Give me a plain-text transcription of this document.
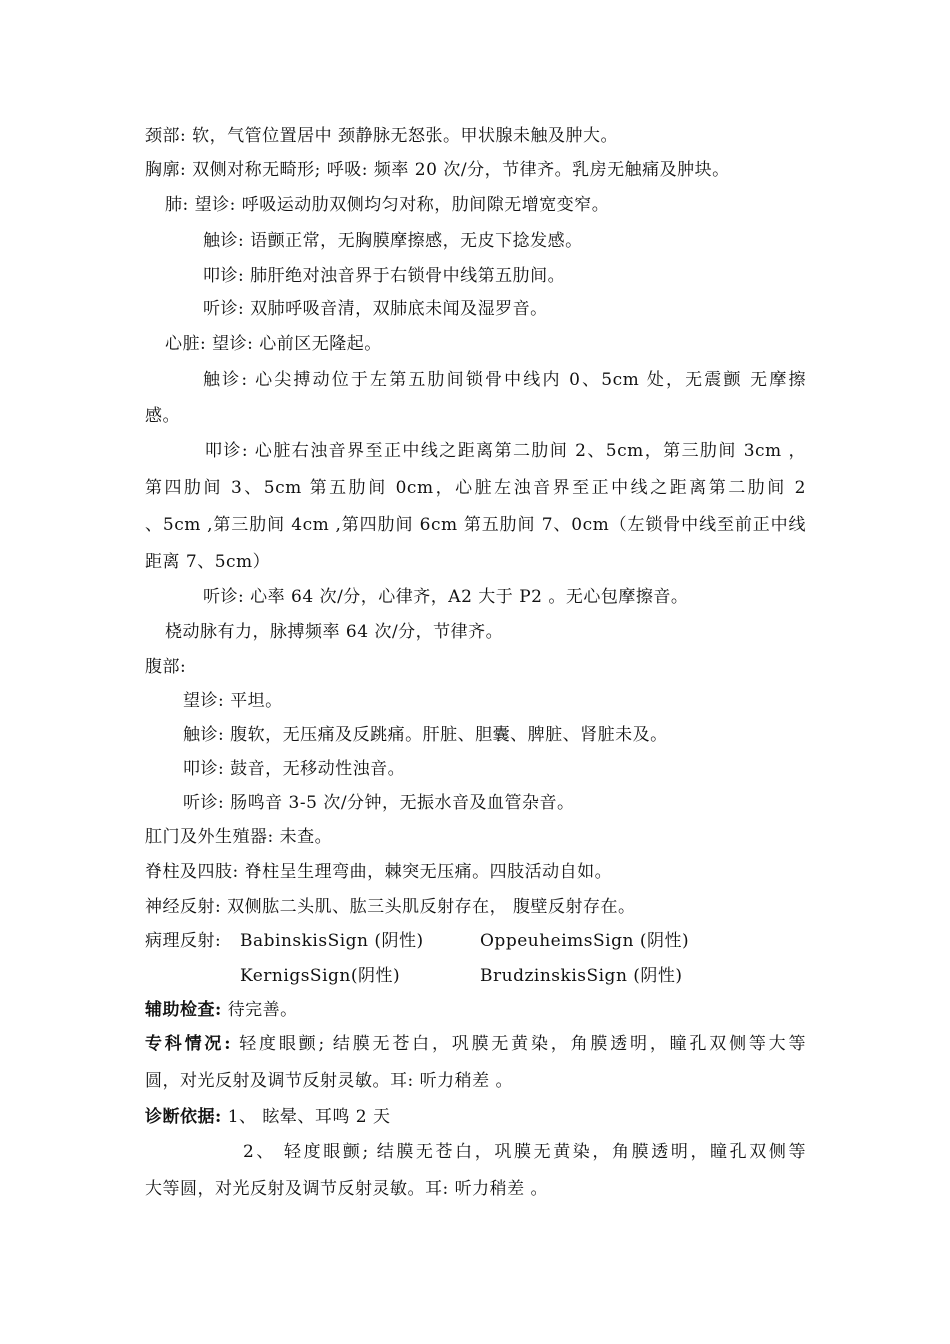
颈部: 软，气管位置居中 颈静脉无怒张。甲状腺未触及肿大。
胸廓: 双侧对称无畸形; 呼吸: 频率 20 次/分，节律齐。乳房无触痛及肿块。
肺: 望诊: 呼吸运动肋双侧均匀对称，肋间隙无增宽变窄。
触诊: 语颤正常，无胸膜摩擦感，无皮下捻发感。
叩诊: 肺肝绝对浊音界于右锁骨中线第五肋间。
听诊: 双肺呼吸音清，双肺底未闻及湿罗音。
心脏: 望诊: 心前区无隆起。
触诊: 心尖搏动位于左第五肋间锁骨中线内 0、5cm 处，无震颤 无摩擦
感。
叩诊: 心脏右浊音界至正中线之距离第二肋间 2、5cm，第三肋间 3cm ，
第四肋间 3、5cm 第五肋间 0cm，心脏左浊音界至正中线之距离第二肋间 2
、5cm ,第三肋间 4cm ,第四肋间 6cm 第五肋间 7、0cm（左锁骨中线至前正中线
距离 7、5cm）
听诊: 心率 64 次/分，心律齐，A2 大于 P2 。无心包摩擦音。
桡动脉有力，脉搏频率 64 次/分，节律齐。
腹部:
望诊: 平坦。
触诊: 腹软，无压痛及反跳痛。肝脏、胆囊、脾脏、肾脏未及。
叩诊: 鼓音，无移动性浊音。
听诊: 肠鸣音 3-5 次/分钟，无振水音及血管杂音。
肛门及外生殖器: 未查。
脊柱及四肢: 脊柱呈生理弯曲，棘突无压痛。四肢活动自如。
神经反射: 双侧肱二头肌、肱三头肌反射存在， 腹壁反射存在。
病理反射: BabinskisSign (阴性)	OppeuheimsSign (阴性)
KernigsSign(阴性)	BrudzinskisSign (阴性)
辅助检查: 待完善。
专科情况: 轻度眼颤; 结膜无苍白，巩膜无黄染，角膜透明，瞳孔双侧等大等
圆，对光反射及调节反射灵敏。耳: 听力稍差 。
诊断依据: 1、 眩晕、耳鸣 2 天
2、 轻度眼颤; 结膜无苍白，巩膜无黄染，角膜透明，瞳孔双侧等
大等圆，对光反射及调节反射灵敏。耳: 听力稍差 。
